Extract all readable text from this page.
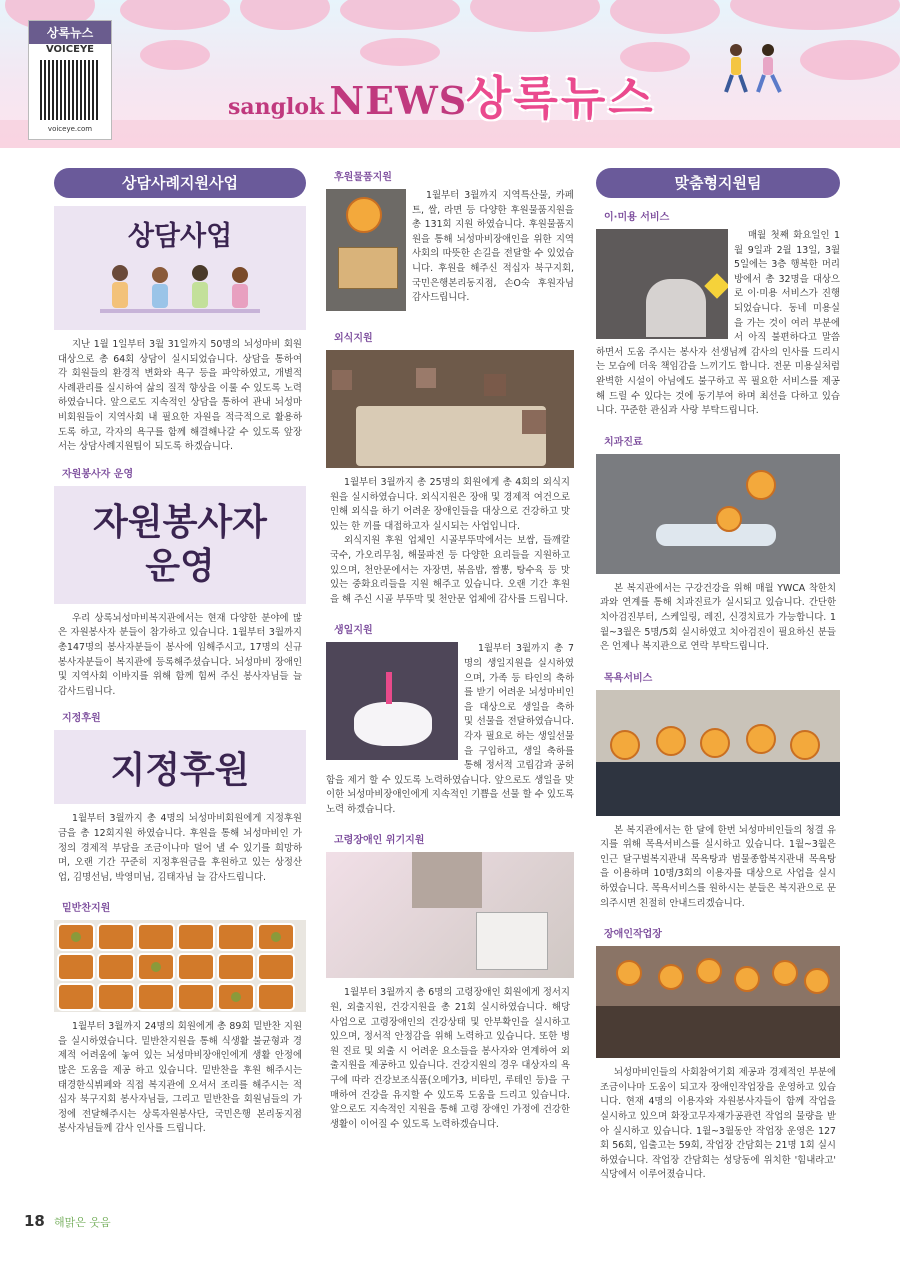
상록뉴스
VOICEYE
voiceye.com
sanglok NEWS
상록뉴스
상담사례지원사업
상담사업

지난 1월 1일부터 3월 31일까지 50명의 뇌성마비 회원 대상으로 총 64회 상담이 실시되었습니다. 상담을 통하여 각 회원들의 환경적 변화와 욕구 등을 파악하였고, 개별적 사례관리를 실시하여 삶의 질적 향상을 이룰 수 있도록 노력하였습니다. 앞으로도 지속적인 상담을 통하여 관내 뇌성마비회원들이 지역사회 내 필요한 자원을 적극적으로 활용하도록 하고, 각자의 욕구를 함께 해결해나갈 수 있도록 앞장서는 상담사례지원팀이 되도록 하겠습니다.

자원봉사자 운영
자원봉사자
운영

우리 상록뇌성마비복지관에서는 현재 다양한 분야에 많은 자원봉사자 분들이 참가하고 있습니다. 1월부터 3월까지 총147명의 봉사자분들이 봉사에 임해주시고, 17명의 신규봉사자분들이 복지관에 등록해주셨습니다. 뇌성마비 장애인 및 지역사회 이바지를 위해 함께 힘써 주신 봉사자님들 늘 감사드립니다.

지정후원
지정후원

1월부터 3월까지 총 4명의 뇌성마비회원에게 지정후원금을 총 12회지원 하였습니다. 후원을 통해 뇌성마비인 가정의 경제적 부담을 조금이나마 덜어 낼 수 있기를 희망하며, 오랜 기간 꾸준히 지정후원금을 후원하고 있는 상정산업, 김명선님, 박영미님, 김태자님 늘 감사드립니다.

밑반찬지원

1월부터 3월까지 24명의 회원에게 총 89회 밑반찬 지원을 실시하였습니다. 밑반찬지원을 통해 식생활 불균형과 경제적 어려움에 놓여 있는 뇌성마비장애인에게 생활 안정에 많은 도움을 제공 하고 있습니다. 밑반찬을 후원 해주시는 태경한식뷔페와 직접 복지관에 오셔서 조리를 해주시는 적십자 북구지회 봉사자님들, 그리고 밑반찬을 회원님들의 가정에 전달해주시는 상록자원봉사단, 국민은행 본리동지점 봉사자님들께 감사 인사를 드립니다.

후원물품지원

1월부터 3월까지 지역특산물, 카페트, 쌀, 라면 등 다양한 후원물품지원을 총 131회 지원 하였습니다. 후원물품지원을 통해 뇌성마비장애인을 위한 지역 사회의 따뜻한 손길을 전달할 수 있었습니다. 후원을 해주신 적십자 북구지회, 국민은행본리동지점, 손O숙 후원자님 감사드립니다.

외식지원

1월부터 3월까지 총 25명의 회원에게 총 4회의 외식지원을 실시하였습니다. 외식지원은 장애 및 경제적 여건으로 인해 외식을 하기 어려운 장애인들을 대상으로 건강하고 맛있는 한 끼를 대접하고자 실시되는 사업입니다.

외식지원 후원 업체인 시골부뚜막에서는 보쌈, 들깨칼국수, 가오리무침, 해물파전 등 다양한 요리들을 지원하고 있으며, 천안문에서는 자장면, 볶음밥, 짬뽕, 탕수육 등 맛있는 중화요리들을 지원 해주고 있습니다. 오랜 기간 후원을 해 주신 시골 부뚜막 및 천안문 업체에 감사를 드립니다.

생일지원

1월부터 3월까지 총 7명의 생일지원을 실시하였으며, 가족 등 타인의 축하를 받기 어려운 뇌성마비인을 대상으로 생일을 축하 및 선물을 전달하였습니다. 각자 필요로 하는 생일선물을 구입하고, 생일 축하를 통해 정서적 고립감과 공허함을 제거 할 수 있도록 노력하였습니다. 앞으로도 생일을 맞이한 뇌성마비장애인에게 지속적인 기쁨을 선물 할 수 있도록 노력 하겠습니다.

고령장애인 위기지원

1월부터 3월까지 총 6명의 고령장애인 회원에게 정서지원, 외출지원, 건강지원을 총 21회 실시하였습니다. 해당 사업으로 고령장애인의 건강상태 및 안부확인을 실시하고 있으며, 정서적 안정감을 위해 노력하고 있습니다. 또한 병원 진료 및 외출 시 어려운 요소들을 봉사자와 연계하여 외출지원을 제공하고 있습니다. 건강지원의 경우 대상자의 욕구에 따라 건강보조식품(오메가3, 비타민, 루테인 등)을 구매하여 건강을 유지할 수 있도록 도움을 드리고 있습니다. 앞으로도 지속적인 지원을 통해 고령 장애인 가정에 건강한 생활이 이어질 수 있도록 노력하겠습니다.

맞춤형지원팀
이·미용 서비스

매월 첫째 화요일인 1월 9일과 2월 13일, 3월 5일에는 3층 행복한 머리방에서 총 32명을 대상으로 이·미용 서비스가 진행되었습니다. 동네 미용실을 가는 것이 여러 부분에서 아직 불편하다고 말씀하면서 도움 주시는 봉사자 선생님께 감사의 인사를 드리시는 모습에 더욱 책임감을 느끼기도 합니다. 전문 미용실처럼 완벽한 시설이 아님에도 불구하고 꼭 필요한 서비스를 제공해 드릴 수 있다는 것에 동기부여 하며 최선을 다하고 있습니다. 꾸준한 관심과 사랑 부탁드립니다.

치과진료

본 복지관에서는 구강건강을 위해 매월 YWCA 착한치과와 연계를 통해 치과진료가 실시되고 있습니다. 간단한 치아검진부터, 스케일링, 레진, 신경치료가 가능합니다. 1월~3월은 5명/5회 실시하였고 치아검진이 필요하신 분들은 언제나 복지관으로 연락 부탁드립니다.

목욕서비스

본 복지관에서는 한 달에 한번 뇌성마비인들의 청결 유지를 위해 목욕서비스를 실시하고 있습니다. 1월~3월은 인근 달구벌복지관내 목욕탕과 범물종합복지관내 목욕탕을 이용하며 10명/3회의 이용자를 대상으로 사업을 실시하였습니다. 목욕서비스를 원하시는 분들은 복지관으로 문의주시면 친절히 안내드리겠습니다.

장애인작업장

뇌성마비인들의 사회참여기회 제공과 경제적인 부분에 조금이나마 도움이 되고자 장애인작업장을 운영하고 있습니다. 현재 4명의 이용자와 자원봉사자들이 함께 작업을 실시하고 있으며 화장고무자재가공관련 작업의 물량을 받아 실시하고 있습니다. 1월~3월동안 작업장 운영은 127회 56회, 입출고는 59회, 작업장 간담회는 21명 1회 실시하였습니다. 작업장 간담회는 성당동에 위치한 '힘내라고' 식당에서 이루어졌습니다.

18 해맑은 웃음
